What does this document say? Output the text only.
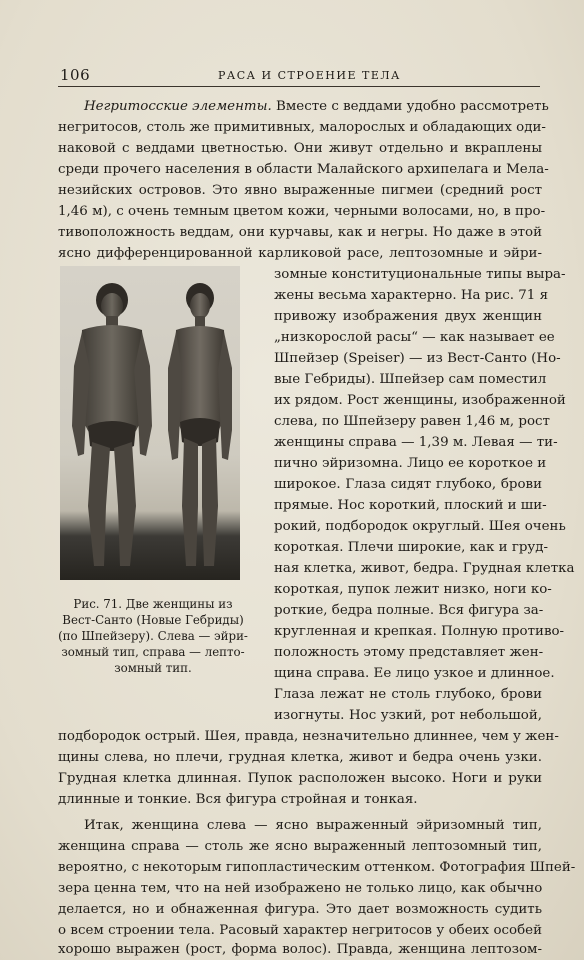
106	РАСА И СТРОЕНИЕ ТЕЛА
Негритосские элементы. Вместе с веддами удобно рассмотреть
негритосов, столь же примитивных, малорослых и обладающих оди-
наковой с веддами цветностью. Они живут отдельно и вкраплены
среди прочего населения в области Малайского архипелага и Мела-
незийских островов. Это явно выраженные пигмеи (средний рост
1,46 м), с очень темным цветом кожи, черными волосами, но, в про-
тивоположность веддам, они курчавы, как и негры. Но даже в этой
ясно дифференцированной карликовой расе, лептозомные и эйри-
Рис. 71. Две женщины из
Вест-Санто (Новые Гебриды)
(по Шпейзеру). Слева — эйри-
зомный тип, справа — лепто-
зомный тип.
зомные конституциональные типы выра-
жены весьма характерно. На рис. 71 я
привожу изображения двух женщин
„низкорослой расы“ — как называет ее
Шпейзер (Speiser) — из Вест-Санто (Но-
вые Гебриды). Шпейзер сам поместил
их рядом. Рост женщины, изображенной
слева, по Шпейзеру равен 1,46 м, рост
женщины справа — 1,39 м. Левая — ти-
пично эйризомна. Лицо ее короткое и
широкое. Глаза сидят глубоко, брови
прямые. Нос короткий, плоский и ши-
рокий, подбородок округлый. Шея очень
короткая. Плечи широкие, как и груд-
ная клетка, живот, бедра. Грудная клетка
короткая, пупок лежит низко, ноги ко-
роткие, бедра полные. Вся фигура за-
кругленная и крепкая. Полную противо-
положность этому представляет жен-
щина справа. Ее лицо узкое и длинное.
Глаза лежат не столь глубоко, брови
изогнуты. Нос узкий, рот небольшой,
подбородок острый. Шея, правда, незначительно длиннее, чем у жен-
щины слева, но плечи, грудная клетка, живот и бедра очень узки.
Грудная клетка длинная. Пупок расположен высоко. Ноги и руки
длинные и тонкие. Вся фигура стройная и тонкая.
Итак, женщина слева — ясно выраженный эйризомный тип,
женщина справа — столь же ясно выраженный лептозомный тип,
вероятно, с некоторым гипопластическим оттенком. Фотография Шпей-
зера ценна тем, что на ней изображено не только лицо, как обычно
делается, но и обнаженная фигура. Это дает возможность судить
о всем строении тела. Расовый характер негритосов у обеих особей
хорошо выражен (рост, форма волос). Правда, женщина лептозом-
